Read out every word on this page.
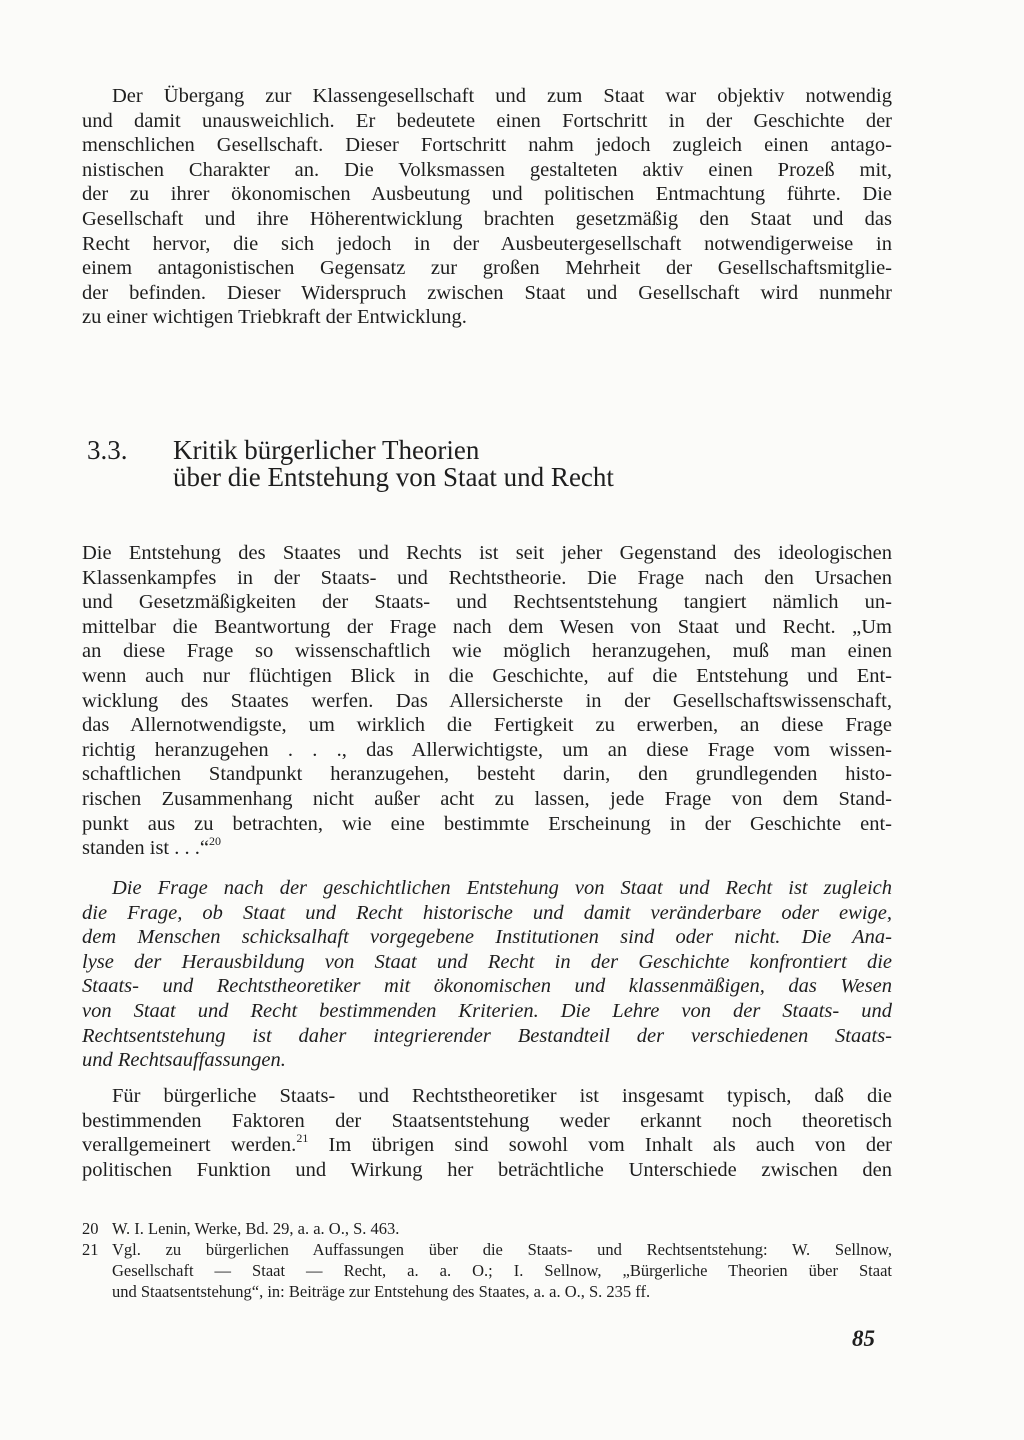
Der Übergang zur Klassengesellschaft und zum Staat war objektiv notwendig
und damit unausweichlich. Er bedeutete einen Fortschritt in der Geschichte der
menschlichen Gesellschaft. Dieser Fortschritt nahm jedoch zugleich einen antago-
nistischen Charakter an. Die Volksmassen gestalteten aktiv einen Prozeß mit,
der zu ihrer ökonomischen Ausbeutung und politischen Entmachtung führte. Die
Gesellschaft und ihre Höherentwicklung brachten gesetzmäßig den Staat und das
Recht hervor, die sich jedoch in der Ausbeutergesellschaft notwendigerweise in
einem antagonistischen Gegensatz zur großen Mehrheit der Gesellschaftsmitglie-
der befinden. Dieser Widerspruch zwischen Staat und Gesellschaft wird nunmehr
zu einer wichtigen Triebkraft der Entwicklung.
3.3.	Kritik bürgerlicher Theorien
über die Entstehung von Staat und Recht
Die Entstehung des Staates und Rechts ist seit jeher Gegenstand des ideologischen
Klassenkampfes in der Staats- und Rechtstheorie. Die Frage nach den Ursachen
und Gesetzmäßigkeiten der Staats- und Rechtsentstehung tangiert nämlich un-
mittelbar die Beantwortung der Frage nach dem Wesen von Staat und Recht. „Um
an diese Frage so wissenschaftlich wie möglich heranzugehen, muß man einen
wenn auch nur flüchtigen Blick in die Geschichte, auf die Entstehung und Ent-
wicklung des Staates werfen. Das Allersicherste in der Gesellschaftswissenschaft,
das Allernotwendigste, um wirklich die Fertigkeit zu erwerben, an diese Frage
richtig heranzugehen . . ., das Allerwichtigste, um an diese Frage vom wissen-
schaftlichen Standpunkt heranzugehen, besteht darin, den grundlegenden histo-
rischen Zusammenhang nicht außer acht zu lassen, jede Frage von dem Stand-
punkt aus zu betrachten, wie eine bestimmte Erscheinung in der Geschichte ent-
standen ist . . .“$^{20}$
Die Frage nach der geschichtlichen Entstehung von Staat und Recht ist zugleich
die Frage, ob Staat und Recht historische und damit veränderbare oder ewige,
dem Menschen schicksalhaft vorgegebene Institutionen sind oder nicht. Die Ana-
lyse der Herausbildung von Staat und Recht in der Geschichte konfrontiert die
Staats- und Rechtstheoretiker mit ökonomischen und klassenmäßigen, das Wesen
von Staat und Recht bestimmenden Kriterien. Die Lehre von der Staats- und
Rechtsentstehung ist daher integrierender Bestandteil der verschiedenen Staats-
und Rechtsauffassungen.
Für bürgerliche Staats- und Rechtstheoretiker ist insgesamt typisch, daß die
bestimmenden Faktoren der Staatsentstehung weder erkannt noch theoretisch
verallgemeinert werden.$^{21}$ Im übrigen sind sowohl vom Inhalt als auch von der
politischen Funktion und Wirkung her beträchtliche Unterschiede zwischen den
20 W. I. Lenin, Werke, Bd. 29, a. a. O., S. 463.
21 Vgl. zu bürgerlichen Auffassungen über die Staats- und Rechtsentstehung: W. Sellnow,
Gesellschaft — Staat — Recht, a. a. O.; I. Sellnow, „Bürgerliche Theorien über Staat
und Staatsentstehung“, in: Beiträge zur Entstehung des Staates, a. a. O., S. 235 ff.
85
